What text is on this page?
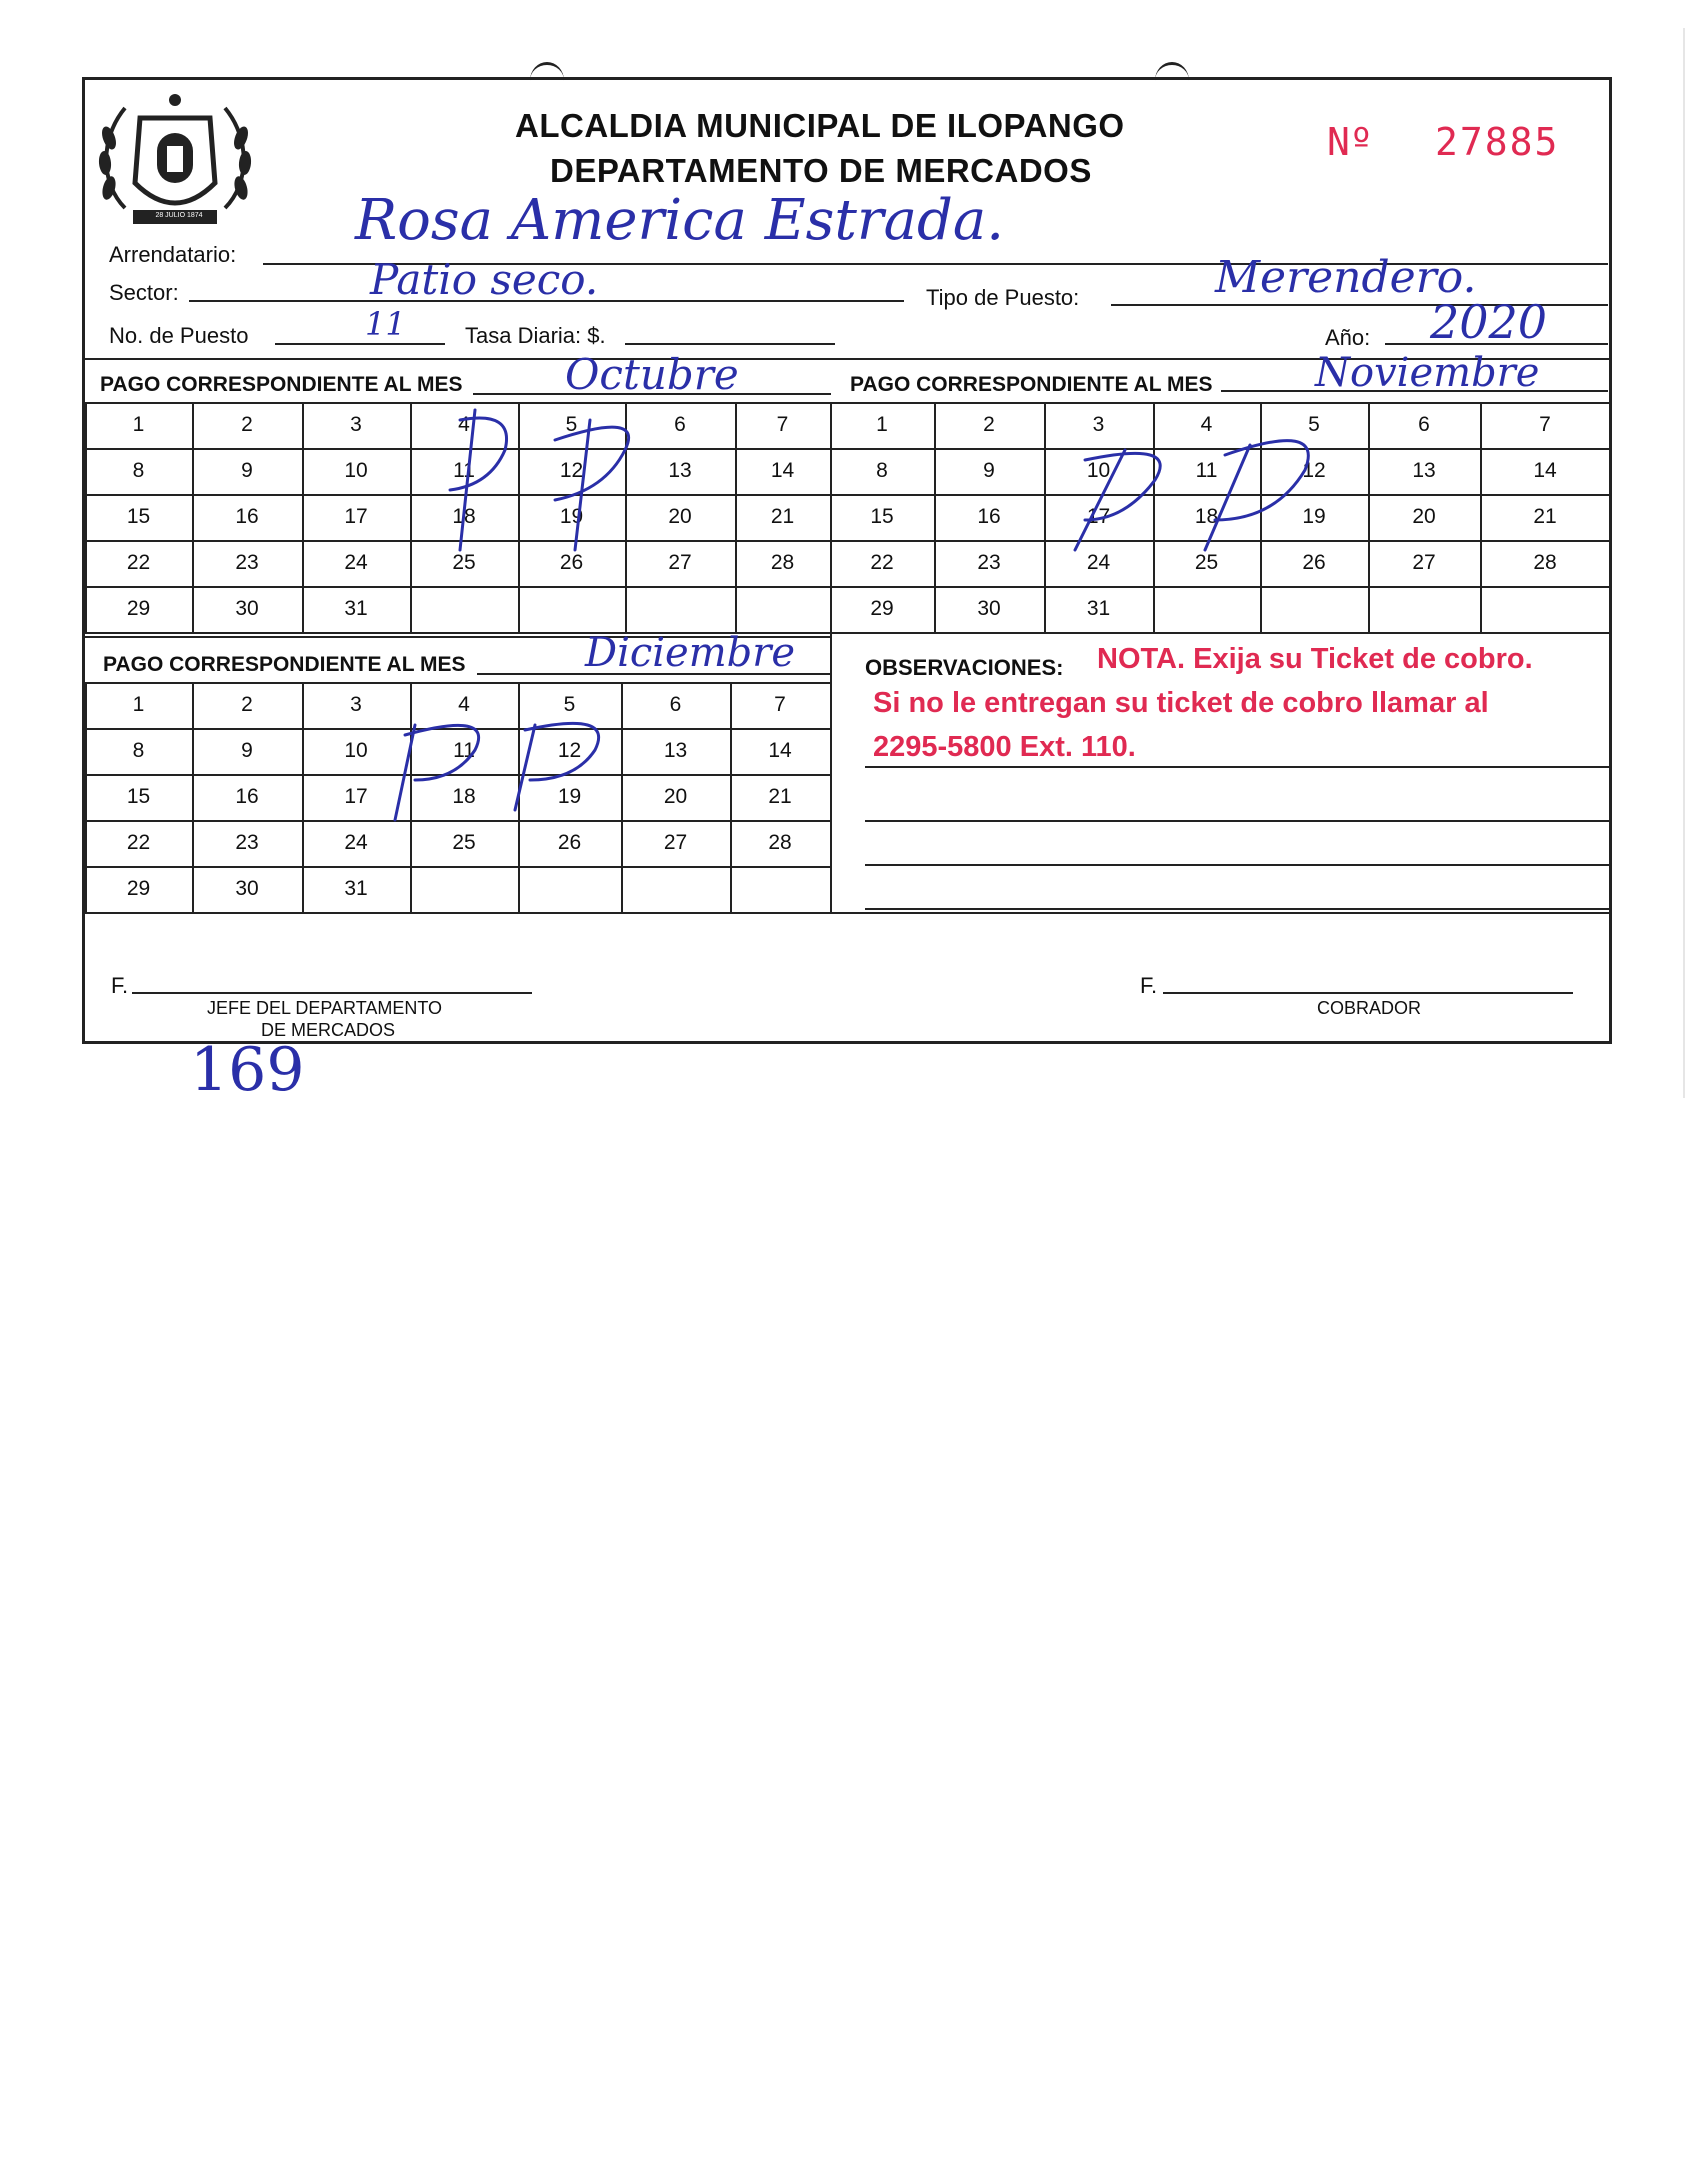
28 JULIO 1874
ALCALDIA MUNICIPAL DE ILOPANGO
DEPARTAMENTO DE MERCADOS
Nº 27885
Arrendatario:
Rosa America Estrada.
Sector:	Patio seco.	Tipo de Puesto:	Merendero.
No. de Puesto	11	Tasa Diaria: $.	Año: 2020
1	2	3	4	5	6	7
8	9	10	11	12	13	14
15	16	17	18	19	20	21
22	23	24	25	26	27	28
29	30	31
1	2	3	4	5	6	7
8	9	10	11	12	13	14
15	16	17	18	19	20	21
22	23	24	25	26	27	28
29	30	31
1	2	3	4	5	6	7
8	9	10	11	12	13	14
15	16	17	18	19	20	21
22	23	24	25	26	27	28
29	30	31
PAGO CORRESPONDIENTE AL MES Octubre	PAGO CORRESPONDIENTE AL MES	Noviembre
PAGO CORRESPONDIENTE AL MES	Diciembre	OBSERVACIONES: NOTA. Exija su Ticket de cobro.
Si no le entregan su ticket de cobro llamar al
2295-5800 Ext. 110.
F.
JEFE DEL DEPARTAMENTO
DE MERCADOS
F.
COBRADOR
169
